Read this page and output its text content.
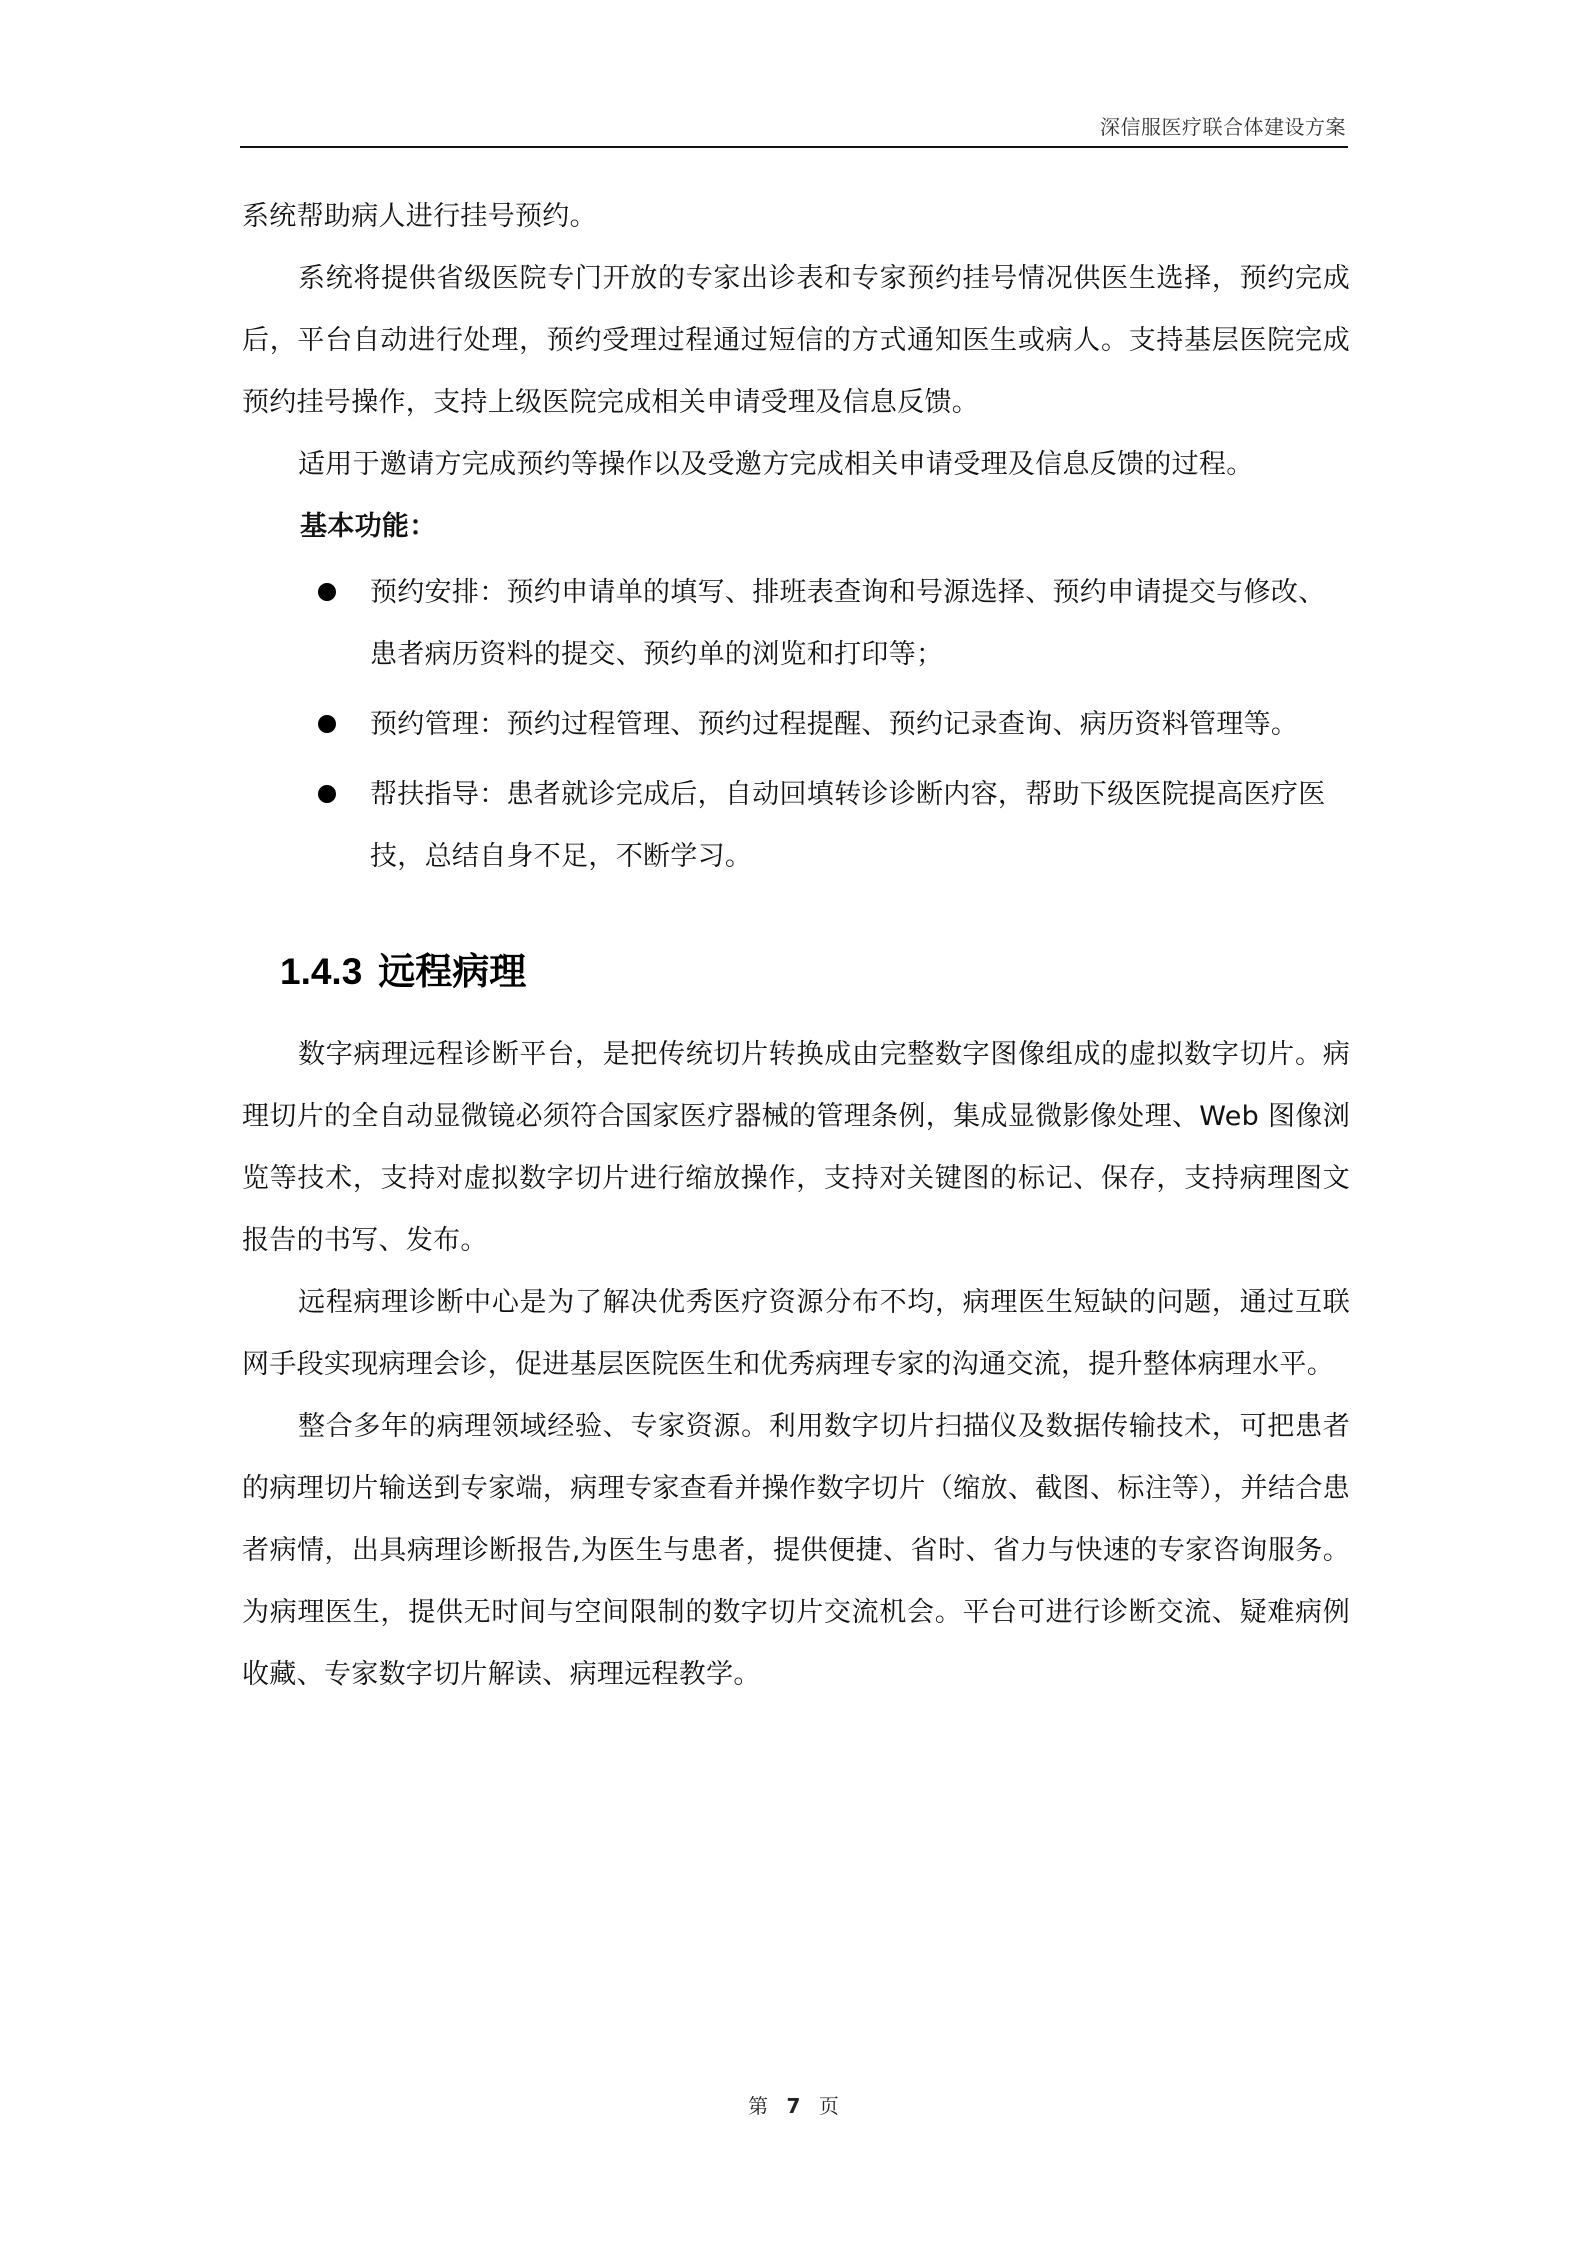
深信服医疗联合体建设方案

系统帮助病人进行挂号预约。

系统将提供省级医院专门开放的专家出诊表和专家预约挂号情况供医生选择，预约完成后，平台自动进行处理，预约受理过程通过短信的方式通知医生或病人。支持基层医院完成预约挂号操作，支持上级医院完成相关申请受理及信息反馈。

适用于邀请方完成预约等操作以及受邀方完成相关申请受理及信息反馈的过程。

基本功能：

预约安排：预约申请单的填写、排班表查询和号源选择、预约申请提交与修改、患者病历资料的提交、预约单的浏览和打印等；
预约管理：预约过程管理、预约过程提醒、预约记录查询、病历资料管理等。
帮扶指导：患者就诊完成后，自动回填转诊诊断内容，帮助下级医院提高医疗医技，总结自身不足，不断学习。
1.4.3 远程病理

数字病理远程诊断平台，是把传统切片转换成由完整数字图像组成的虚拟数字切片。病理切片的全自动显微镜必须符合国家医疗器械的管理条例，集成显微影像处理、Web 图像浏览等技术，支持对虚拟数字切片进行缩放操作，支持对关键图的标记、保存，支持病理图文报告的书写、发布。

远程病理诊断中心是为了解决优秀医疗资源分布不均，病理医生短缺的问题，通过互联网手段实现病理会诊，促进基层医院医生和优秀病理专家的沟通交流，提升整体病理水平。

整合多年的病理领域经验、专家资源。利用数字切片扫描仪及数据传输技术，可把患者的病理切片输送到专家端，病理专家查看并操作数字切片（缩放、截图、标注等），并结合患者病情，出具病理诊断报告,为医生与患者，提供便捷、省时、省力与快速的专家咨询服务。为病理医生，提供无时间与空间限制的数字切片交流机会。平台可进行诊断交流、疑难病例收藏、专家数字切片解读、病理远程教学。

第 7 页
